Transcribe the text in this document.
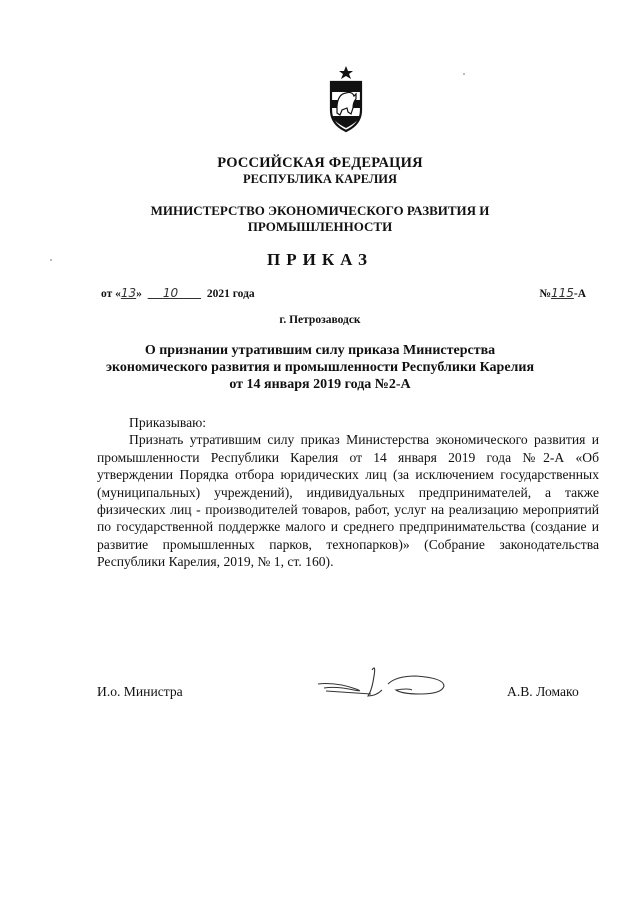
РОССИЙСКАЯ ФЕДЕРАЦИЯ
РЕСПУБЛИКА КАРЕЛИЯ
МИНИСТЕРСТВО ЭКОНОМИЧЕСКОГО РАЗВИТИЯ И
ПРОМЫШЛЕННОСТИ
ПРИКАЗ
от «13» 10 2021 года	№115-А
г. Петрозаводск
О признании утратившим силу приказа Министерства
экономического развития и промышленности Республики Карелия
от 14 января 2019 года №2-А

Приказываю:

Признать утратившим силу приказ Министерства экономического развития и промышленности Республики Карелия от 14 января 2019 года №2-А «Об утверждении Порядка отбора юридических лиц (за исключением государственных (муниципальных) учреждений), индивидуальных предпринимателей, а также физических лиц - производителей товаров, работ, услуг на реализацию мероприятий по государственной поддержке малого и среднего предпринимательства (создание и развитие промышленных парков, технопарков)» (Собрание законодательства Республики Карелия, 2019, № 1, ст. 160).

И.о. Министра	А.В. Ломако
